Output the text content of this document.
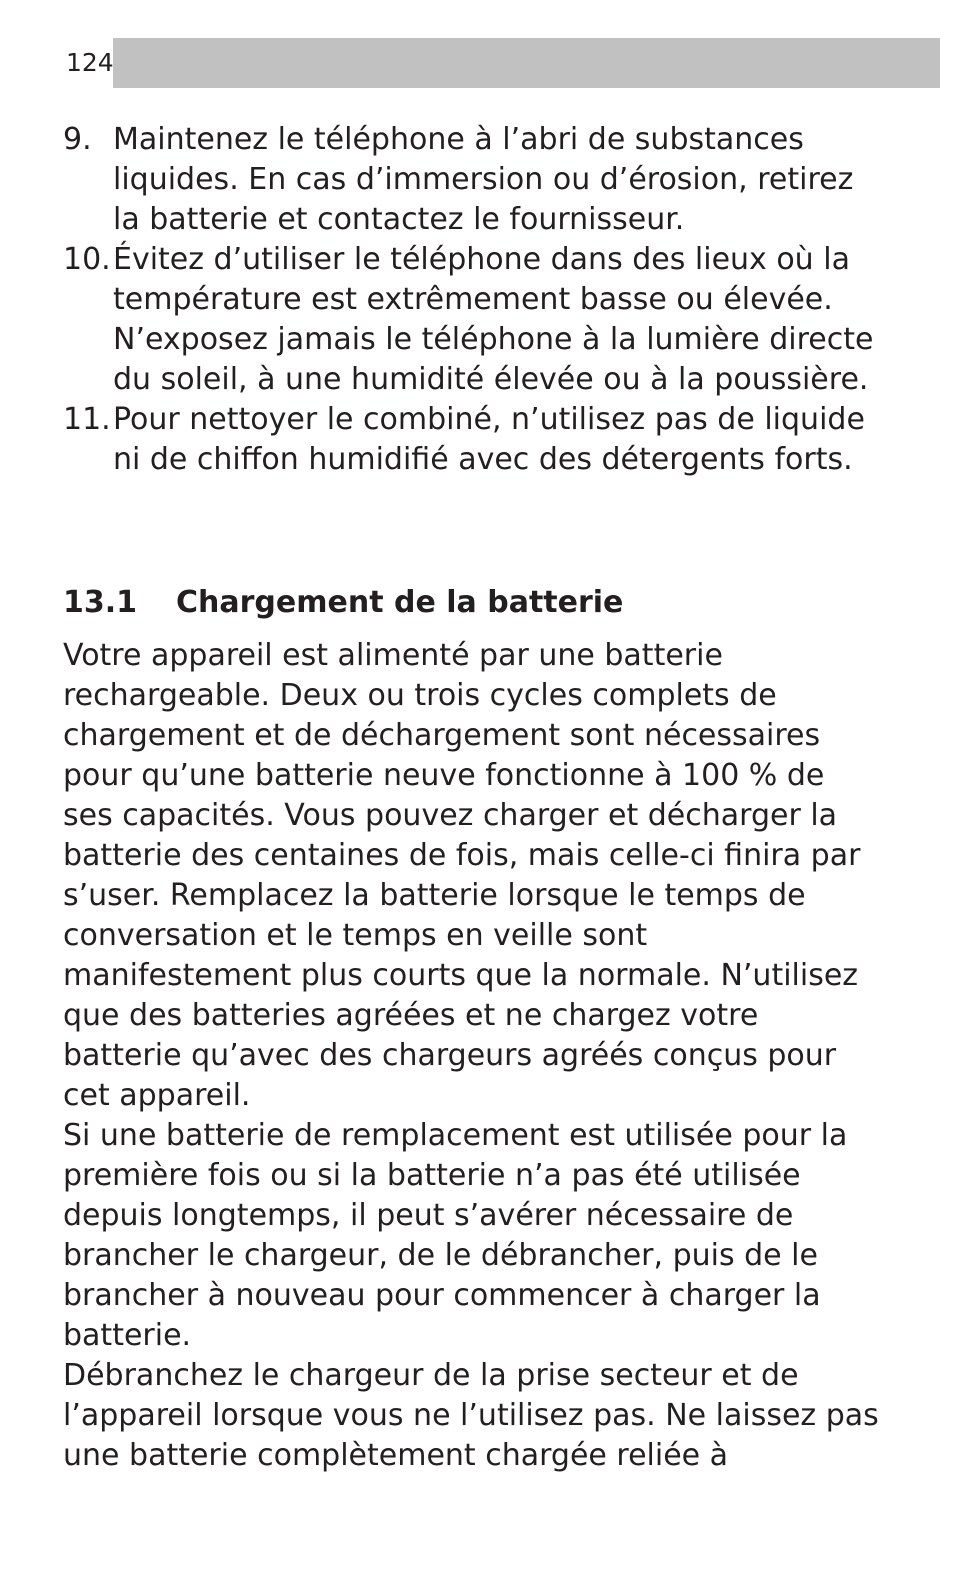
124
9. Maintenez le téléphone à l’abri de substances liquides. En cas d’immersion ou d’érosion, retirez la batterie et contactez le fournisseur.
10. Évitez d’utiliser le téléphone dans des lieux où la température est extrêmement basse ou élevée. N’exposez jamais le téléphone à la lumière directe du soleil, à une humidité élevée ou à la poussière.
11. Pour nettoyer le combiné, n’utilisez pas de liquide ni de chiffon humidifié avec des détergents forts.
13.1 Chargement de la batterie

Votre appareil est alimenté par une batterie rechargeable. Deux ou trois cycles complets de chargement et de déchargement sont nécessaires pour qu’une batterie neuve fonctionne à 100 % de ses capacités. Vous pouvez charger et décharger la batterie des centaines de fois, mais celle-ci finira par s’user. Remplacez la batterie lorsque le temps de conversation et le temps en veille sont manifestement plus courts que la normale. N’utilisez que des batteries agréées et ne chargez votre batterie qu’avec des chargeurs agréés conçus pour cet appareil.

Si une batterie de remplacement est utilisée pour la première fois ou si la batterie n’a pas été utilisée depuis longtemps, il peut s’avérer nécessaire de brancher le chargeur, de le débrancher, puis de le brancher à nouveau pour commencer à charger la batterie.

Débranchez le chargeur de la prise secteur et de l’appareil lorsque vous ne l’utilisez pas. Ne laissez pas une batterie complètement chargée reliée à
